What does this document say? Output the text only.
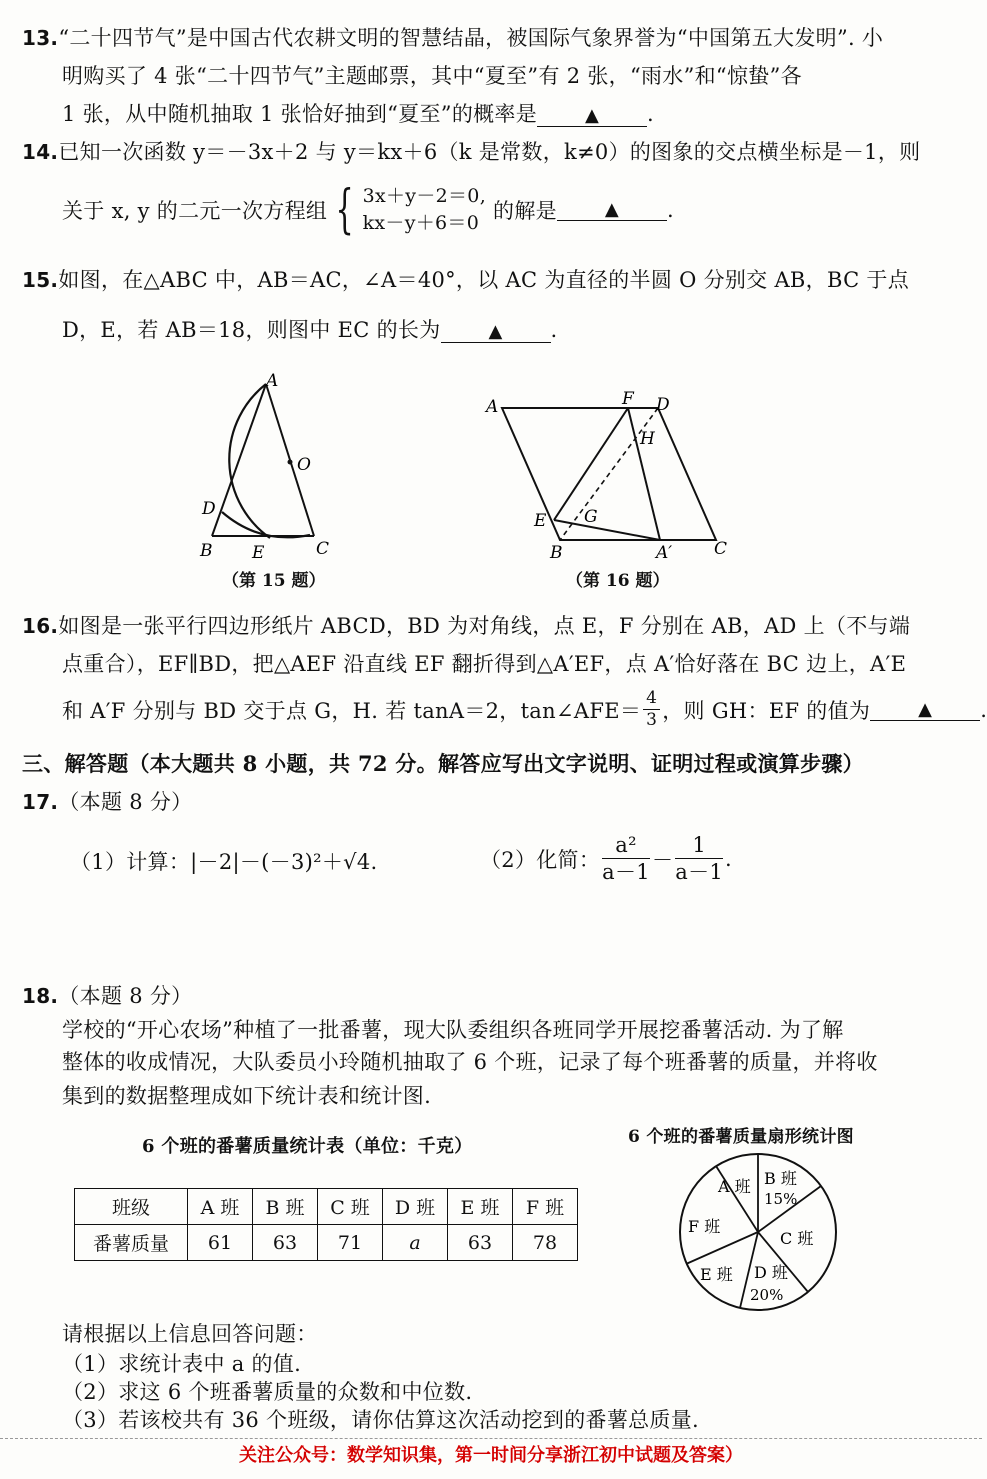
13.“二十四节气”是中国古代农耕文明的智慧结晶，被国际气象界誉为“中国第五大发明”. 小
明购买了 4 张“二十四节气”主题邮票，其中“夏至”有 2 张，“雨水”和“惊蛰”各
1 张，从中随机抽取 1 张恰好抽到“夏至”的概率是	▲ .
14.已知一次函数 y＝－3x＋2 与 y＝kx＋6（k 是常数，k≠0）的图象的交点横坐标是－1，则
关于 x, y 的二元一次方程组 { 3x＋y－2＝0,
kx－y＋6＝0 的解是	▲ .
15.如图，在△ABC 中，AB＝AC，∠A＝40°，以 AC 为直径的半圆 O 分别交 AB，BC 于点
D，E，若 AB＝18，则图中 EC 的长为	▲ .
A
O
D
B E	C
（第 15 题）
A	F D
H
E G
B	A′ C
（第 16 题）
16.如图是一张平行四边形纸片 ABCD，BD 为对角线，点 E，F 分别在 AB，AD 上（不与端
点重合），EF∥BD，把△AEF 沿直线 EF 翻折得到△A′EF，点 A′恰好落在 BC 边上，A′E
和 A′F 分别与 BD 交于点 G，H. 若 tanA＝2，tan∠AFE＝ $\frac{4}{3}$ ，则 GH：EF 的值为	▲ .
三、解答题（本大题共 8 小题，共 72 分。解答应写出文字说明、证明过程或演算步骤）
17.（本题 8 分）
（1）计算：|－2|－(－3)²＋√4.	（2）化简： $\frac{\text{a²}}{a-1} - \frac{1}{a-1}$ .
18.（本题 8 分）
学校的“开心农场”种植了一批番薯，现大队委组织各班同学开展挖番薯活动. 为了解
整体的收成情况，大队委员小玲随机抽取了 6 个班，记录了每个班番薯的质量，并将收
集到的数据整理成如下统计表和统计图.
6 个班的番薯质量统计表（单位：千克）	6 个班的番薯质量扇形统计图
班级	A 班	B 班	C 班	D 班	E 班	F 班
番薯质量	61	63	71	a	63	78
A 班 B 班
15%
C 班
D 班
20%
E 班
F 班
请根据以上信息回答问题：
（1）求统计表中 a 的值.
（2）求这 6 个班番薯质量的众数和中位数.
（3）若该校共有 36 个班级，请你估算这次活动挖到的番薯总质量.
关注公众号：数学知识集，第一时间分享浙江初中试题及答案）
